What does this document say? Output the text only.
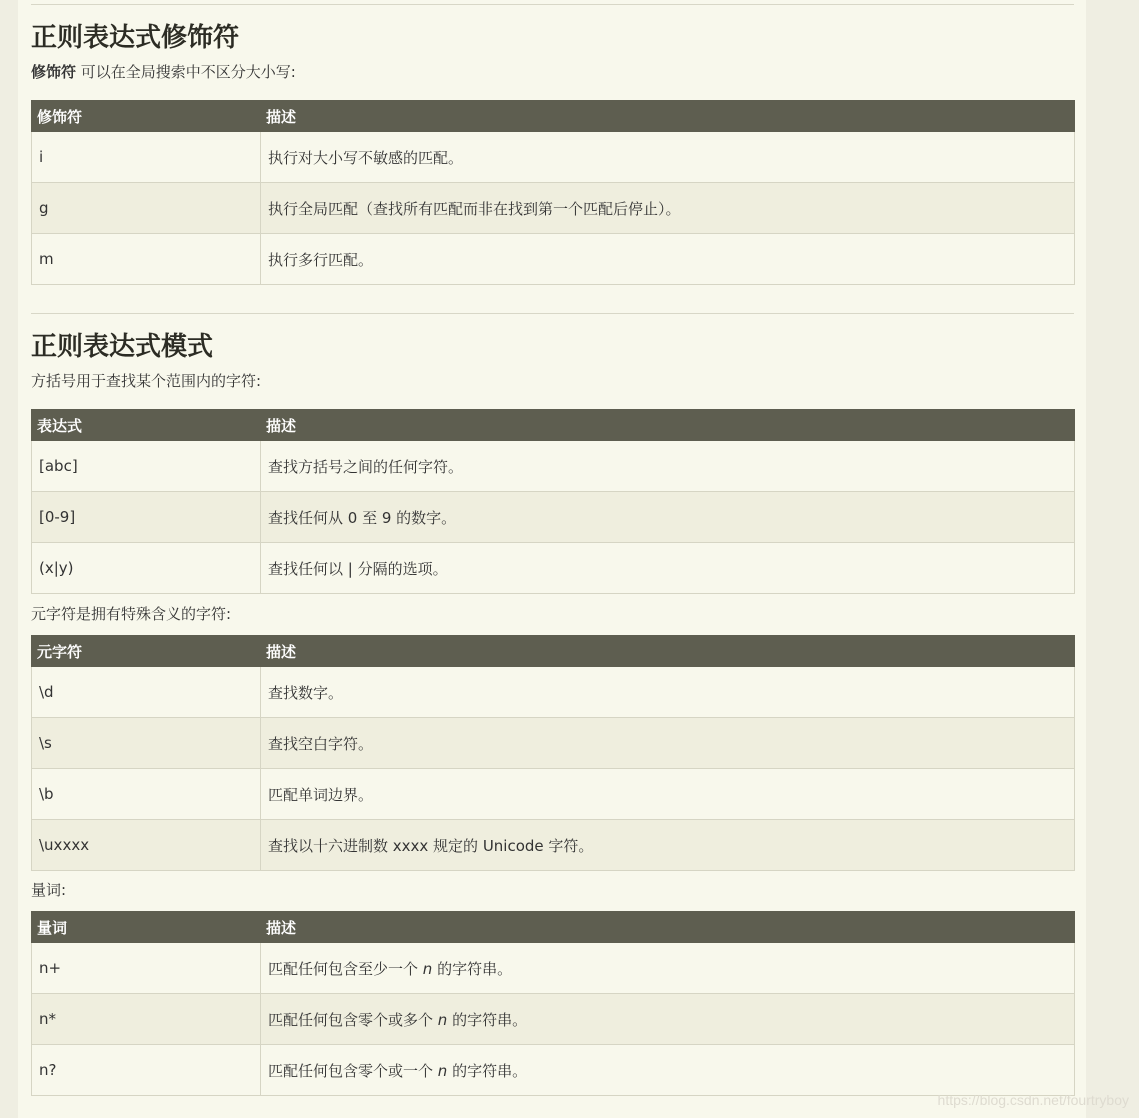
正则表达式修饰符

修饰符 可以在全局搜索中不区分大小写:

修饰符	描述
i	执行对大小写不敏感的匹配。
g	执行全局匹配（查找所有匹配而非在找到第一个匹配后停止）。
m	执行多行匹配。
正则表达式模式

方括号用于查找某个范围内的字符:

表达式	描述
[abc]	查找方括号之间的任何字符。
[0-9]	查找任何从 0 至 9 的数字。
(x|y)	查找任何以 | 分隔的选项。

元字符是拥有特殊含义的字符:

元字符	描述
\d	查找数字。
\s	查找空白字符。
\b	匹配单词边界。
\uxxxx	查找以十六进制数 xxxx 规定的 Unicode 字符。

量词:

量词	描述
n+	匹配任何包含至少一个 n 的字符串。
n*	匹配任何包含零个或多个 n 的字符串。
n?	匹配任何包含零个或一个 n 的字符串。
https://blog.csdn.net/fourtryboy
